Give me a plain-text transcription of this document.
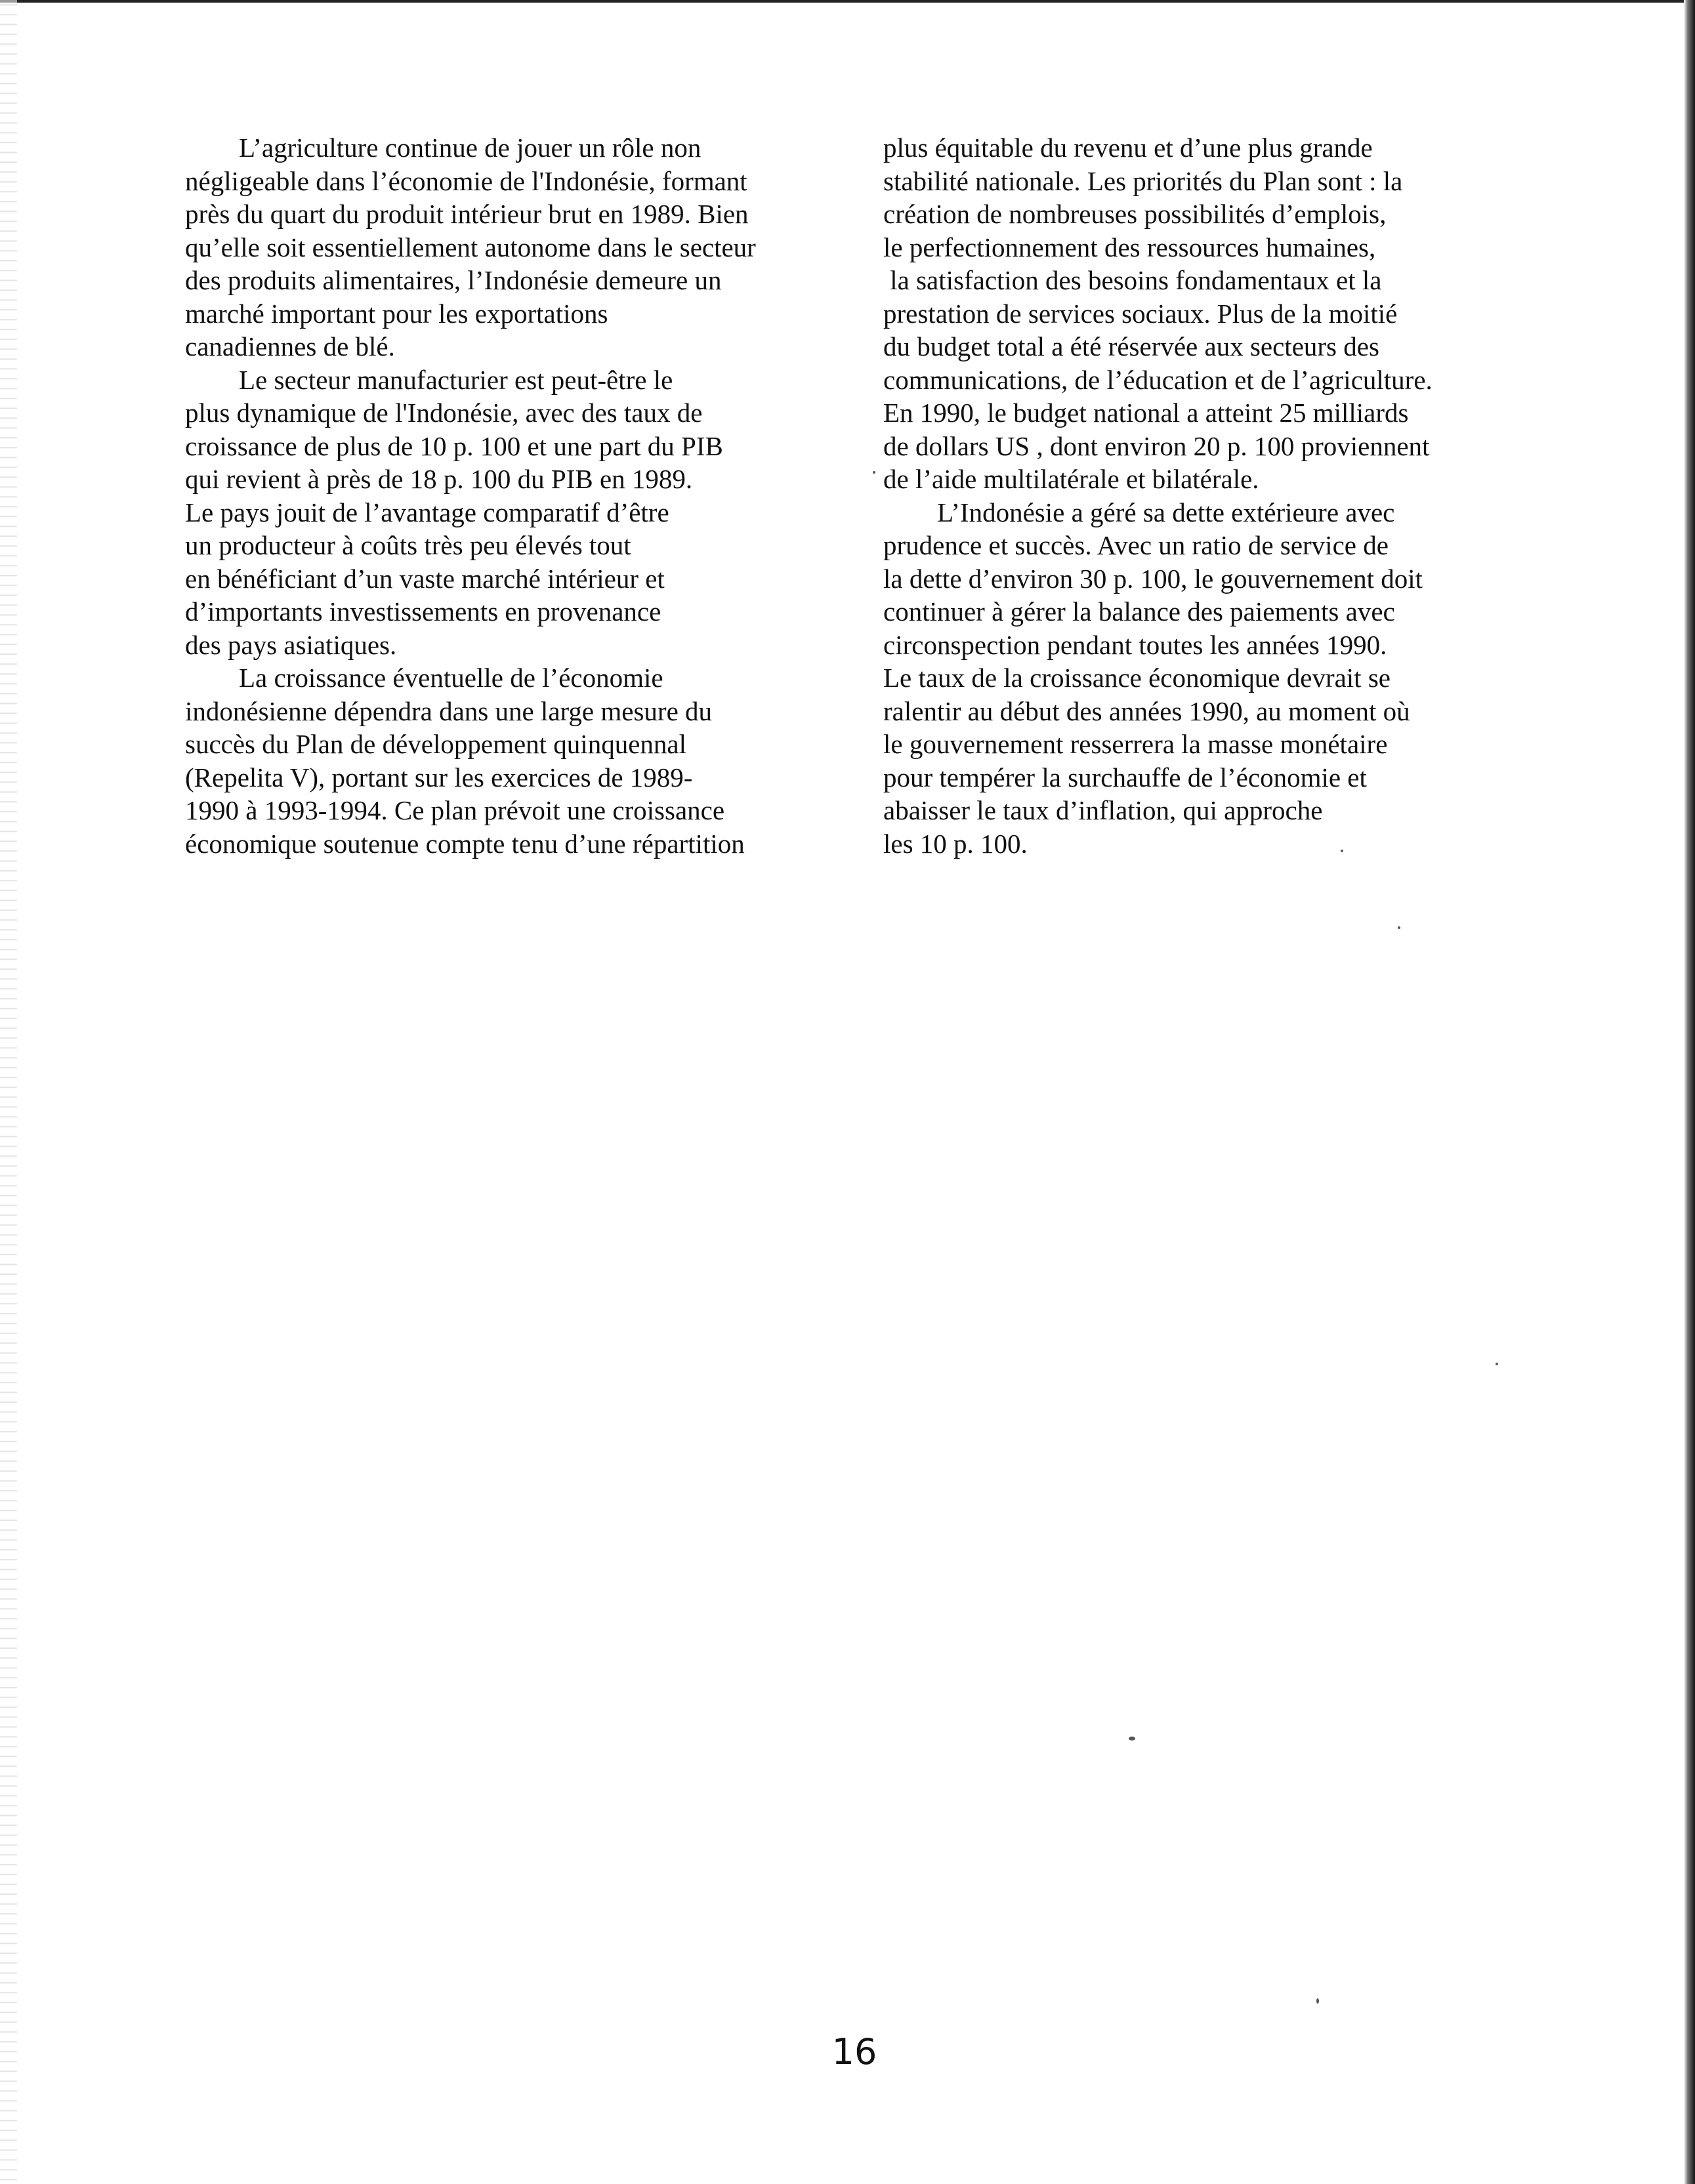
L’agriculture continue de jouer un rôle non
négligeable dans l’économie de l'Indonésie, formant
près du quart du produit intérieur brut en 1989. Bien
qu’elle soit essentiellement autonome dans le secteur
des produits alimentaires, l’Indonésie demeure un
marché important pour les exportations
canadiennes de blé.
Le secteur manufacturier est peut-être le
plus dynamique de l'Indonésie, avec des taux de
croissance de plus de 10 p. 100 et une part du PIB
qui revient à près de 18 p. 100 du PIB en 1989.
Le pays jouit de l’avantage comparatif d’être
un producteur à coûts très peu élevés tout
en bénéficiant d’un vaste marché intérieur et
d’importants investissements en provenance
des pays asiatiques.
La croissance éventuelle de l’économie
indonésienne dépendra dans une large mesure du
succès du Plan de développement quinquennal
(Repelita V), portant sur les exercices de 1989-
1990 à 1993-1994. Ce plan prévoit une croissance
économique soutenue compte tenu d’une répartition
plus équitable du revenu et d’une plus grande
stabilité nationale. Les priorités du Plan sont : la
création de nombreuses possibilités d’emplois,
le perfectionnement des ressources humaines,
la satisfaction des besoins fondamentaux et la
prestation de services sociaux. Plus de la moitié
du budget total a été réservée aux secteurs des
communications, de l’éducation et de l’agriculture.
En 1990, le budget national a atteint 25 milliards
de dollars US , dont environ 20 p. 100 proviennent
de l’aide multilatérale et bilatérale.
L’Indonésie a géré sa dette extérieure avec
prudence et succès. Avec un ratio de service de
la dette d’environ 30 p. 100, le gouvernement doit
continuer à gérer la balance des paiements avec
circonspection pendant toutes les années 1990.
Le taux de la croissance économique devrait se
ralentir au début des années 1990, au moment où
le gouvernement resserrera la masse monétaire
pour tempérer la surchauffe de l’économie et
abaisser le taux d’inflation, qui approche
les 10 p. 100.
16
